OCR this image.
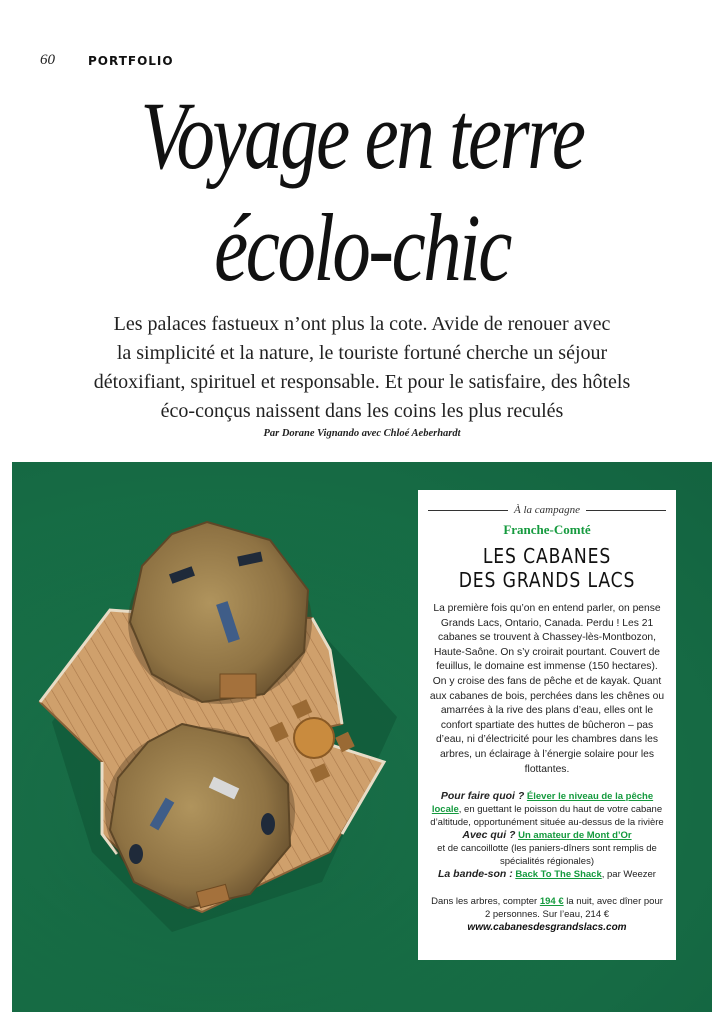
60	PORTFOLIO
Voyage en terre
écolo-chic
Les palaces fastueux n’ont plus la cote. Avide de renouer avec
la simplicité et la nature, le touriste fortuné cherche un séjour
détoxifiant, spirituel et responsable. Et pour le satisfaire, des hôtels
éco-conçus naissent dans les coins les plus reculés
Par Dorane Vignando avec Chloé Aeberhardt
À la campagne
Franche-Comté
LES CABANES
DES GRANDS LACS
La première fois qu’on en entend parler, on pense Grands Lacs, Ontario, Canada. Perdu ! Les 21 cabanes se trouvent à Chassey-lès-Montbozon, Haute-Saône. On s’y croirait pourtant. Couvert de feuillus, le domaine est immense (150 hectares). On y croise des fans de pêche et de kayak. Quant aux cabanes de bois, perchées dans les chênes ou amarrées à la rive des plans d’eau, elles ont le confort spartiate des huttes de bûcheron – pas d’eau, ni d’électricité pour les chambres dans les arbres, un éclairage à l’énergie solaire pour les flottantes.
Pour faire quoi ? Élever le niveau de la pêche locale, en guettant le poisson du haut de votre cabane d’altitude, opportunément située au-dessus de la rivière
Avec qui ? Un amateur de Mont d’Or
et de cancoillotte (les paniers-dîners sont remplis de spécialités régionales)
La bande-son : Back To The Shack, par Weezer
Dans les arbres, compter 194 € la nuit, avec dîner pour 2 personnes. Sur l’eau, 214 €
www.cabanesdesgrandslacs.com
